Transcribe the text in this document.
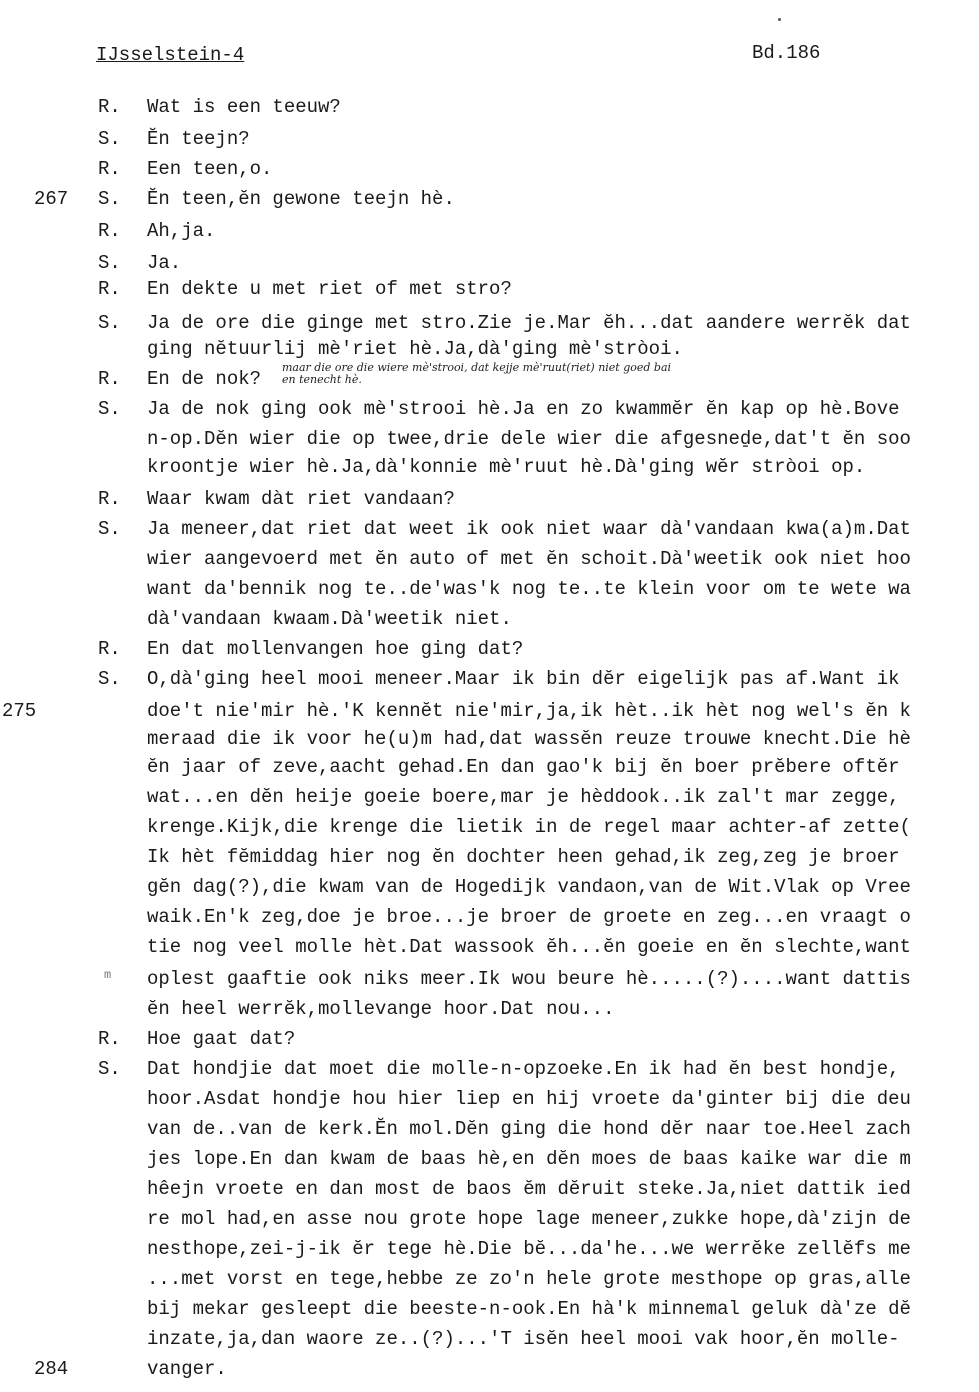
IJsselstein-4	Bd.186
R. Wat is een teeuw?
S. Ĕn teejn?
R. Een teen,o.
267 S. Ĕn teen,ĕn gewone teejn hè.
R. Ah,ja.
S. Ja.
R. En dekte u met riet of met stro?
S. Ja de ore die ginge met stro.Zie je.Mar ĕh...dat aandere werrĕk dat
ging nĕtuurlij mè'riet hè.Ja,dà'ging mè'stròoi.
R. En de nok?
S. Ja de nok ging ook mè'strooi hè.Ja en zo kwammĕr ĕn kap op hè.Bove
n-op.Dĕn wier die op twee,drie dele wier die afgesneḏe,dat't ĕn soo
kroontje wier hè.Ja,dà'konnie mè'ruut hè.Dà'ging wĕr stròoi op.
R. Waar kwam dàt riet vandaan?
S. Ja meneer,dat riet dat weet ik ook niet waar dà'vandaan kwa(a)m.Dat
wier aangevoerd met ĕn auto of met ĕn schoit.Dà'weetik ook niet hoo
want da'bennik nog te..de'was'k nog te..te klein voor om te wete wa
dà'vandaan kwaam.Dà'weetik niet.
R. En dat mollenvangen hoe ging dat?
S. O,dà'ging heel mooi meneer.Maar ik bin dĕr eigelijk pas af.Want ik
275	doe't nie'mir hè.'K kennĕt nie'mir,ja,ik hèt..ik hèt nog wel's ĕn k
meraad die ik voor he(u)m had,dat wassĕn reuze trouwe knecht.Die hè
ĕn jaar of zeve,aacht gehad.En dan gao'k bij ĕn boer prĕbere oftĕr
wat...en dĕn heije goeie boere,mar je hèddook..ik zal't mar zegge,
krenge.Kijk,die krenge die lietik in de regel maar achter-af zette(
Ik hèt fĕmiddag hier nog ĕn dochter heen gehad,ik zeg,zeg je broer
gĕn dag(?),die kwam van de Hogedijk vandaon,van de Wit.Vlak op Vree
waik.En'k zeg,doe je broe...je broer de groete en zeg...en vraagt o
tie nog veel molle hèt.Dat wassook ĕh...ĕn goeie en ĕn slechte,want
oplest gaaftie ook niks meer.Ik wou beure hè.....(?)....want dattis
ĕn heel werrĕk,mollevange hoor.Dat nou...
R. Hoe gaat dat?
S. Dat hondjie dat moet die molle-n-opzoeke.En ik had ĕn best hondje,
hoor.Asdat hondje hou hier liep en hij vroete da'ginter bij die deu
van de..van de kerk.Ĕn mol.Dĕn ging die hond dĕr naar toe.Heel zach
jes lope.En dan kwam de baas hè,en dĕn moes de baas kaike war die m
hêejn vroete en dan most de baos ĕm dĕruit steke.Ja,niet dattik ied
re mol had,en asse nou grote hope lage meneer,zukke hope,dà'zijn de
nesthope,zei-j-ik ĕr tege hè.Die bĕ...da'he...we werrĕke zellĕfs me
...met vorst en tege,hebbe ze zo'n hele grote mesthope op gras,alle
bij mekar gesleept die beeste-n-ook.En hà'k minnemal geluk dà'ze dĕ
inzate,ja,dan waore ze..(?)...'T isĕn heel mooi vak hoor,ĕn molle-
284	vanger.
maar die ore die wiere mè'strooi, dat kejje mè'ruut(riet) niet goed bai
en tenecht hè.
m
